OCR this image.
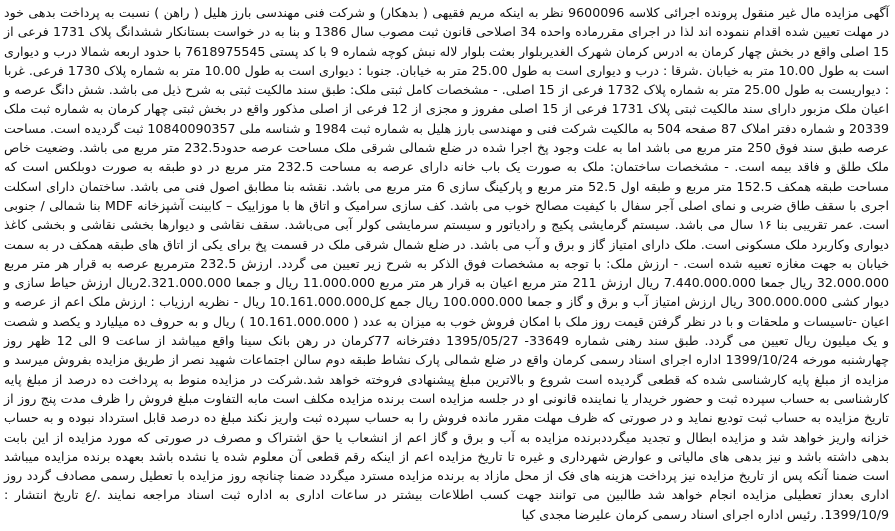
آگهی مزایده مال غیر منقول پرونده اجرائی کلاسه 9600096 نظر به اینکه مریم فقیهی ( بدهکار) و شرکت فنی مهندسی بارز هلیل ( راهن ) نسبت به پرداخت بدهی خود در مهلت تعیین شده اقدام ننموده اند لذا در اجرای مقررماده واحده 34 اصلاحی قانون ثبت مصوب سال 1386 و بنا به در خواست بستانکار ششدانگ پلاک 1731 فرعی از 15 اصلی واقع در بخش چهار کرمان به ادرس کرمان شهرک الغدیربلوار بعثت بلوار لاله نبش کوچه شماره 9 با کد پستی 7618975545 با حدود اربعه شمالا درب و دیواری است به طول 10.00 متر به خیابان .شرقا : درب و دیواری است به طول 25.00 متر به خیابان. جنوبا : دیواری است به طول 10.00 متر به شماره پلاک 1730 فرعی. غربا : دیواریست به طول 25.00 متر به شماره پلاک 1732 فرعی از 15 اصلی. - مشخصات کامل ثبتی ملک: طبق سند مالکیت ثبتی به شرح ذیل می باشد. شش دانگ عرصه و اعیان ملک مزبور دارای سند مالکیت ثبتی پلاک 1731 فرعی از 15 اصلی مفروز و مجزی از 12 فرعی از اصلی مذکور واقع در بخش ثبتی چهار کرمان به شماره ثبت ملک 20339 و شماره دفتر املاک 87 صفحه 504 به مالکیت شرکت فنی و مهندسی بارز هلیل به شماره ثبت 1984 و شناسه ملی 10840090357 ثبت گردیده است. مساحت عرصه طبق سند فوق 250 متر مربع می باشد اما به علت وجود پخ اجرا شده در ضلع شمالی شرقی ملک مساحت عرصه حدود232.5 متر مربع می باشد. وضعیت خاص ملک طلق و فاقد بیمه است. - مشخصات ساختمان: ملک به صورت یک باب خانه دارای عرصه به مساحت 232.5 متر مربع در دو طبقه به صورت دوبلکس است که مساحت طبقه همکف 152.5 متر مربع و طبقه اول 52.5 متر مربع و پارکینگ سازی 6 متر مربع می باشد. نقشه بنا مطابق اصول فنی می باشد. ساختمان دارای اسکلت اجری با سقف طاق ضربی و نمای اصلی آجر سفال با کیفیت مصالح خوب می باشد. کف سازی سرامیک و اتاق ها با موزاییک – کابینت آشپزخانه MDF بنا شمالی / جنوبی است. عمر تقریبی بنا ۱۶ سال می باشد. سیستم گرمایشی پکیج و رادیاتور و سیستم سرمایشی کولر آبی می‌باشد. سقف نقاشی و دیوارها بخشی نقاشی و بخشی کاغذ دیواری وکاربرد ملک مسکونی است. ملک دارای امتیاز گاز و برق و آب می باشد. در ضلع شمال شرقی ملک در قسمت پخ برای یکی از اتاق های طبقه همکف در به سمت خیابان به جهت مغازه تعبیه شده است. - ارزش ملک: با توجه به مشخصات فوق الذکر به شرح زیر تعیین می گردد. ارزش 232.5 مترمربع عرصه به قرار هر متر مربع 32.000.000 ریال جمعا 7.440.000.000 ریال ارزش 211 متر مربع اعیان به قرار هر متر مربع 11.000.000 ریال و جمعا 2.321.000.000ریال ارزش حیاط سازی و دیوار کشی 300.000.000 ریال ارزش امتیاز آب و برق و گاز و جمعا 100.000.000 ریال جمع کل10.161.000.000 ریال - نظریه ارزیاب : ارزش ملک اعم از عرصه و اعیان -تاسیسات و ملحقات و با در نظر گرفتن قیمت روز ملک با امکان فروش خوب به میزان به عدد ( 10.161.000.000 ) ریال و به حروف ده میلیارد و یکصد و شصت و یک میلیون ریال تعیین می گردد. طبق سند رهنی شماره 33649- 1395/05/27 دفترخانه 77کرمان در رهن بانک سینا واقع میباشد از ساعت 9 الی 12 ظهر روز چهارشنبه مورخه 1399/10/24 اداره اجرای اسناد رسمی کرمان واقع در ضلع شمالی پارک نشاط طبقه دوم سالن اجتماعات شهید نصر از طریق مزایده بفروش میرسد و مزایده از مبلغ پایه کارشناسی شده که قطعی گردیده است شروع و بالاترین مبلغ پیشنهادی فروخته خواهد شد.شرکت در مزایده منوط به پرداخت ده درصد از مبلغ پایه کارشناسی به حساب سپرده ثبت و حضور خریدار یا نماینده قانونی او در جلسه مزایده است برنده مزایده مکلف است مابه التفاوت مبلغ فروش را ظرف مدت پنج روز از تاریخ مزایده به حساب ثبت تودیع نماید و در صورتی که ظرف مهلت مقرر مانده فروش را به حساب سپرده ثبت واریز نکند مبلغ ده درصد قابل استرداد نبوده و به حساب خزانه واریز خواهد شد و مزایده ابطال و تجدید میگرددبرنده مزایده به آب و برق و گاز اعم از انشعاب یا حق اشتراک و مصرف در صورتی که مورد مزایده از این بابت بدهی داشته باشد و نیز بدهی های مالیاتی و عوارض شهرداری و غیره تا تاریخ مزایده اعم از اینکه رقم قطعی آن معلوم شده یا نشده باشد بعهده برنده مزایده میباشد است ضمنا آنکه پس از تاریخ مزایده نیز پرداخت هزینه های فک از محل مازاد به برنده مزایده مسترد میگردد ضمنا چنانچه روز مزایده با تعطیل رسمی مصادف گردد روز اداری بعداز تعطیلی مزایده انجام خواهد شد طالبین می توانند جهت کسب اطلاعات بیشتر در ساعات اداری به اداره ثبت اسناد مراجعه نمایند ./ع تاریخ انتشار : 1399/10/9. رئیس اداره اجرای اسناد رسمی کرمان علیرضا مجدی کیا
